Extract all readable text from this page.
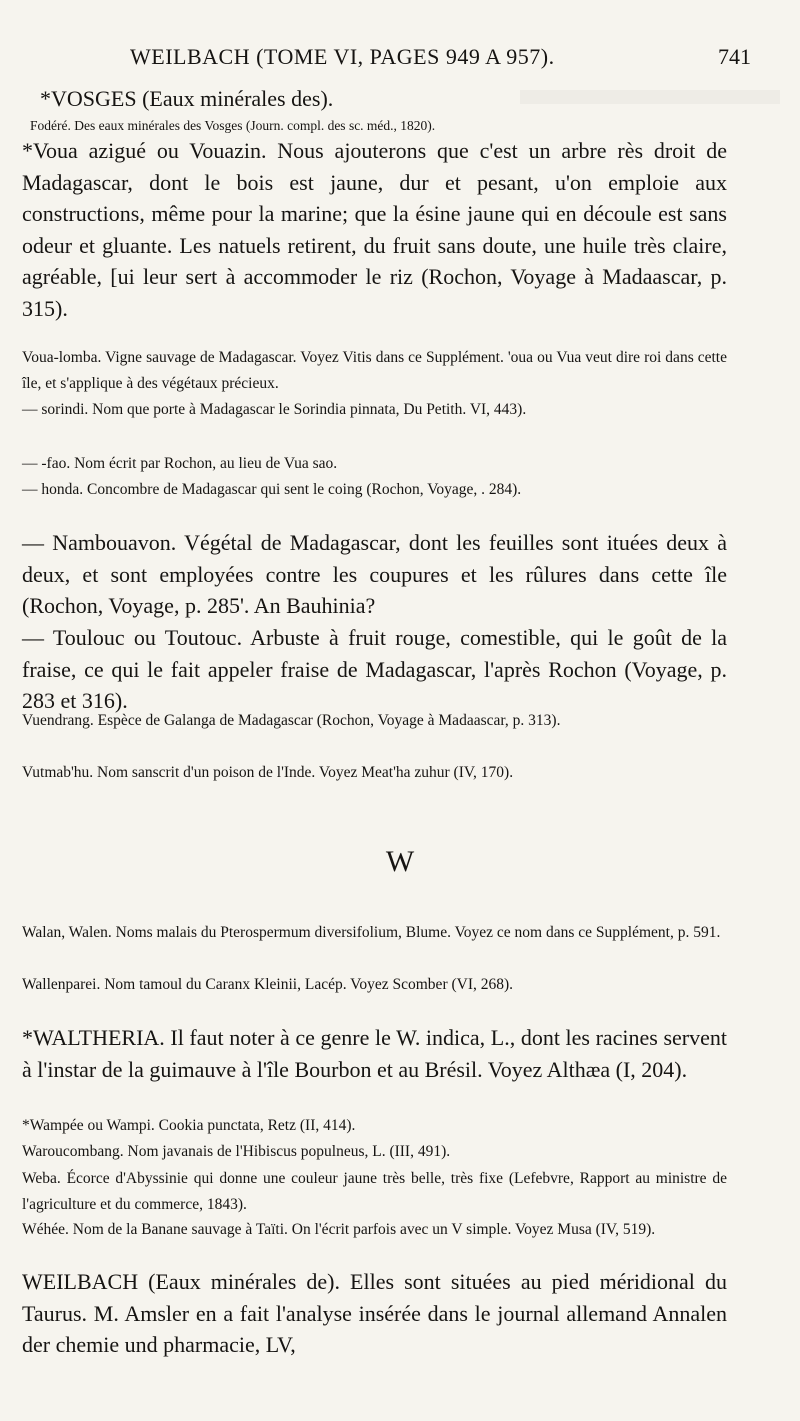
WEILBACH (TOME VI, PAGES 949 A 957).	741

*VOSGES (Eaux minérales des).

Fodéré. Des eaux minérales des Vosges (Journ. compl. des sc. méd., 1820).

*Voua azigué ou Vouazin. Nous ajouterons que c'est un arbre rès droit de Madagascar, dont le bois est jaune, dur et pesant, u'on emploie aux constructions, même pour la marine; que la ésine jaune qui en découle est sans odeur et gluante. Les natuels retirent, du fruit sans doute, une huile très claire, agréable, [ui leur sert à accommoder le riz (Rochon, Voyage à Madaascar, p. 315).

Voua-lomba. Vigne sauvage de Madagascar. Voyez Vitis dans ce Supplément. 'oua ou Vua veut dire roi dans cette île, et s'applique à des végétaux précieux.

— sorindi. Nom que porte à Madagascar le Sorindia pinnata, Du Petith. VI, 443).

— -fao. Nom écrit par Rochon, au lieu de Vua sao.

— honda. Concombre de Madagascar qui sent le coing (Rochon, Voyage, . 284).

— Nambouavon. Végétal de Madagascar, dont les feuilles sont ituées deux à deux, et sont employées contre les coupures et les rûlures dans cette île (Rochon, Voyage, p. 285'. An Bauhinia?

— Toulouc ou Toutouc. Arbuste à fruit rouge, comestible, qui le goût de la fraise, ce qui le fait appeler fraise de Madagascar, l'après Rochon (Voyage, p. 283 et 316).

Vuendrang. Espèce de Galanga de Madagascar (Rochon, Voyage à Madaascar, p. 313).

Vutmab'hu. Nom sanscrit d'un poison de l'Inde. Voyez Meat'ha zuhur (IV, 170).

W

Walan, Walen. Noms malais du Pterospermum diversifolium, Blume. Voyez ce nom dans ce Supplément, p. 591.

Wallenparei. Nom tamoul du Caranx Kleinii, Lacép. Voyez Scomber (VI, 268).

*WALTHERIA. Il faut noter à ce genre le W. indica, L., dont les racines servent à l'instar de la guimauve à l'île Bourbon et au Brésil. Voyez Althæa (I, 204).

*Wampée ou Wampi. Cookia punctata, Retz (II, 414).

Waroucombang. Nom javanais de l'Hibiscus populneus, L. (III, 491).

Weba. Écorce d'Abyssinie qui donne une couleur jaune très belle, très fixe (Lefebvre, Rapport au ministre de l'agriculture et du commerce, 1843).

Wéhée. Nom de la Banane sauvage à Taïti. On l'écrit parfois avec un V simple. Voyez Musa (IV, 519).

WEILBACH (Eaux minérales de). Elles sont situées au pied méridional du Taurus. M. Amsler en a fait l'analyse insérée dans le journal allemand Annalen der chemie und pharmacie, LV,
